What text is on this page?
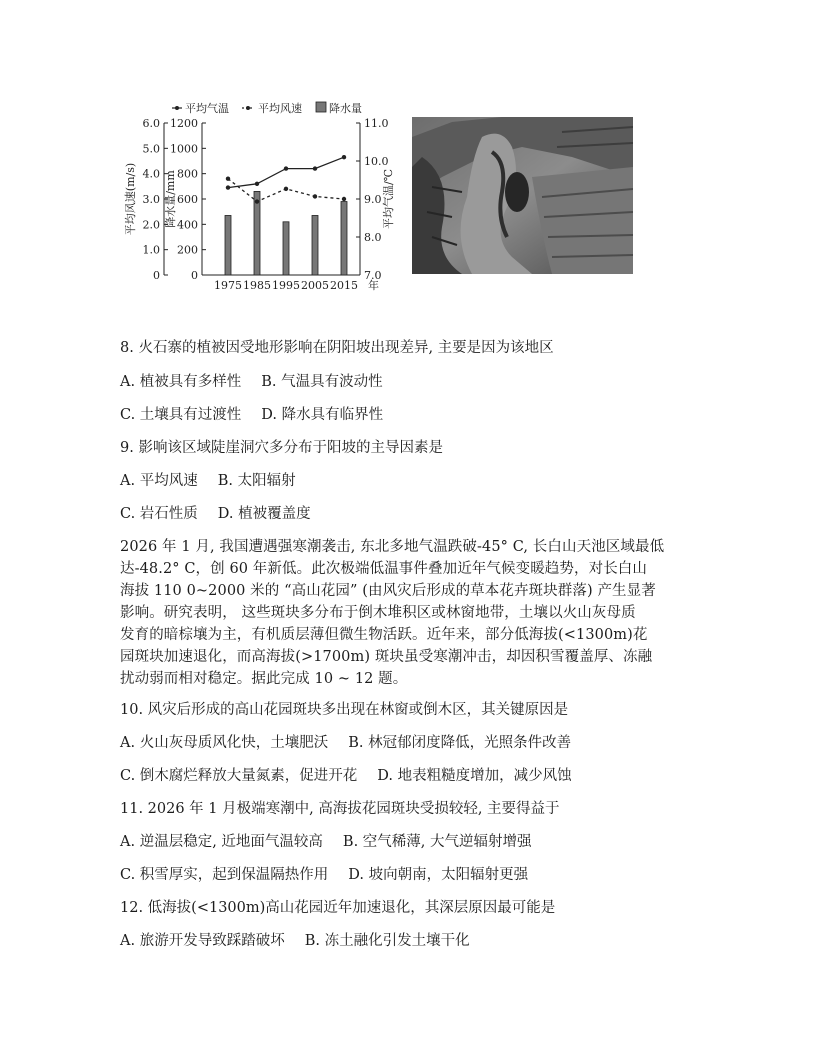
平均气温	平均风速 降水量
6.0
5.0
4.0
3.0
2.0
1.0
0
1200
1000
800
600
400
200
0
11.0
10.0
9.0
8.0
7.0
平均风速(m/s) 降水量/mm	平均气温/℃
1975 1985 1995 2005 2015 年
8. 火石寨的植被因受地形影响在阴阳坡出现差异, 主要是因为该地区
A. 植被具有多样性 B. 气温具有波动性
C. 土壤具有过渡性 D. 降水具有临界性
9. 影响该区域陡崖洞穴多分布于阳坡的主导因素是
A. 平均风速 B. 太阳辐射
C. 岩石性质 D. 植被覆盖度
2026 年 1 月, 我国遭遇强寒潮袭击, 东北多地气温跌破-45° C, 长白山天池区域最低
达-48.2° C，创 60 年新低。此次极端低温事件叠加近年气候变暖趋势，对长白山
海拔 110 0~2000 米的 “高山花园” (由风灾后形成的草本花卉斑块群落) 产生显著
影响。研究表明， 这些斑块多分布于倒木堆积区或林窗地带，土壤以火山灰母质
发育的暗棕壤为主，有机质层薄但微生物活跃。近年来，部分低海拔(<1300m)花
园斑块加速退化，而高海拔(>1700m) 斑块虽受寒潮冲击，却因积雪覆盖厚、冻融
扰动弱而相对稳定。据此完成 10 ~ 12 题。
10. 风灾后形成的高山花园斑块多出现在林窗或倒木区，其关键原因是
A. 火山灰母质风化快，土壤肥沃 B. 林冠郁闭度降低，光照条件改善
C. 倒木腐烂释放大量氮素，促进开花 D. 地表粗糙度增加，减少风蚀
11. 2026 年 1 月极端寒潮中, 高海拔花园斑块受损较轻, 主要得益于
A. 逆温层稳定, 近地面气温较高 B. 空气稀薄, 大气逆辐射增强
C. 积雪厚实，起到保温隔热作用 D. 坡向朝南，太阳辐射更强
12. 低海拔(<1300m)高山花园近年加速退化，其深层原因最可能是
A. 旅游开发导致踩踏破坏 B. 冻土融化引发土壤干化
